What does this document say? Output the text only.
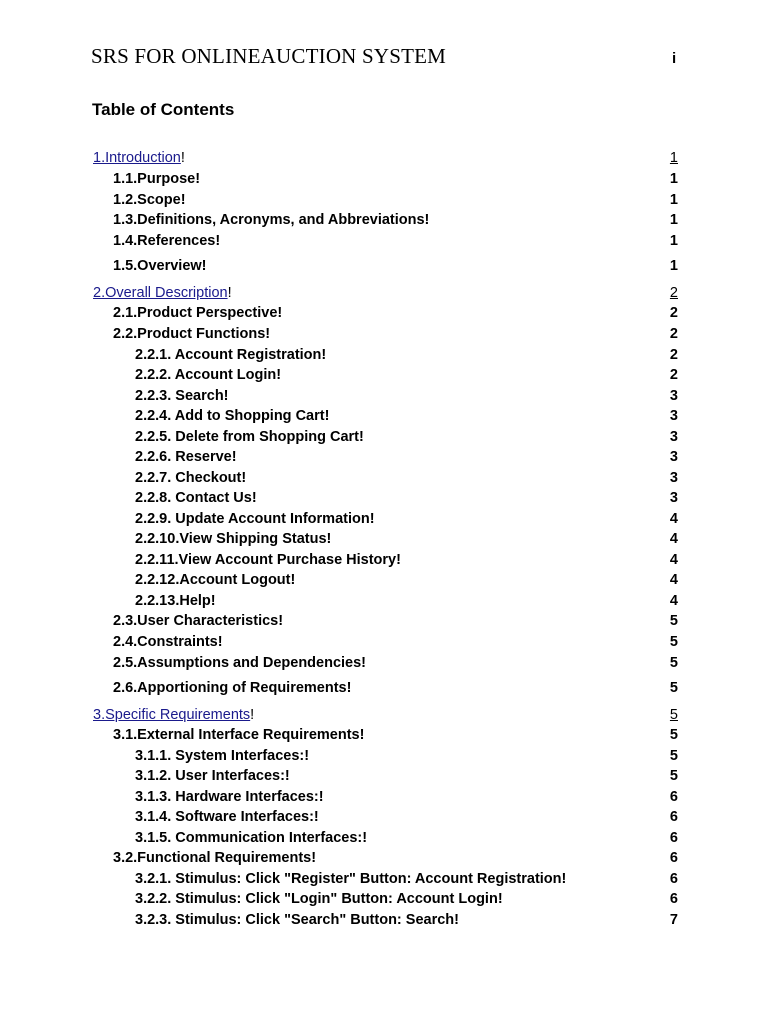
SRS FOR ONLINEAUCTION SYSTEM	i
Table of Contents
1.Introduction!	1
1.1.Purpose!	1
1.2.Scope!	1
1.3.Definitions, Acronyms, and Abbreviations!	1
1.4.References!	1
1.5.Overview!	1
2.Overall Description!	2
2.1.Product Perspective!	2
2.2.Product Functions!	2
2.2.1. Account Registration!	2
2.2.2. Account Login!	2
2.2.3. Search!	3
2.2.4. Add to Shopping Cart!	3
2.2.5. Delete from Shopping Cart!	3
2.2.6. Reserve!	3
2.2.7. Checkout!	3
2.2.8. Contact Us!	3
2.2.9. Update Account Information!	4
2.2.10.View Shipping Status!	4
2.2.11.View Account Purchase History!	4
2.2.12.Account Logout!	4
2.2.13.Help!	4
2.3.User Characteristics!	5
2.4.Constraints!	5
2.5.Assumptions and Dependencies!	5
2.6.Apportioning of Requirements!	5
3.Specific Requirements!	5
3.1.External Interface Requirements!	5
3.1.1. System Interfaces:!	5
3.1.2. User Interfaces:!	5
3.1.3. Hardware Interfaces:!	6
3.1.4. Software Interfaces:!	6
3.1.5. Communication Interfaces:!	6
3.2.Functional Requirements!	6
3.2.1. Stimulus: Click "Register" Button: Account Registration!	6
3.2.2. Stimulus: Click "Login" Button: Account Login!	6
3.2.3. Stimulus: Click "Search" Button: Search!	7
